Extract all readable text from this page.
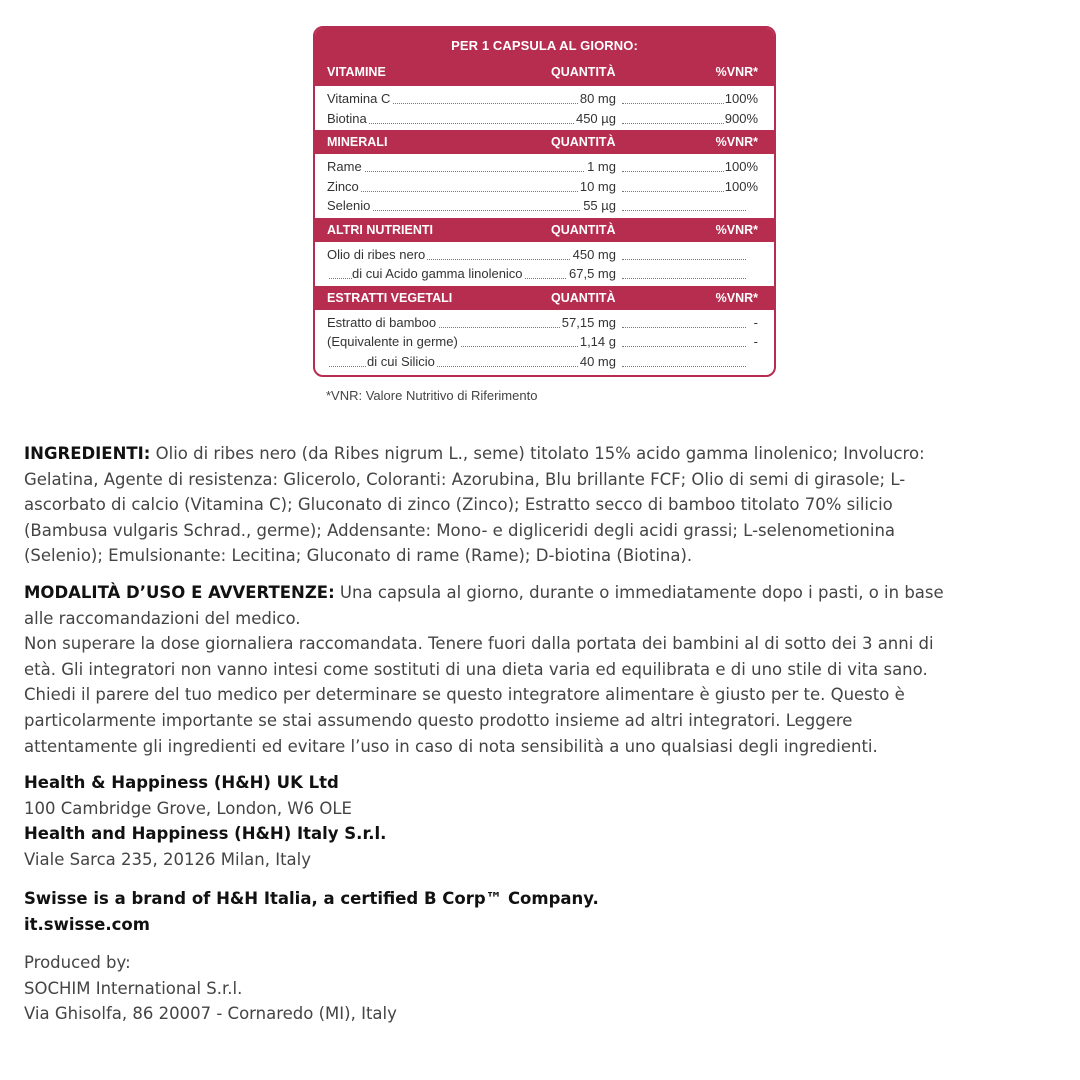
PER 1 CAPSULA AL GIORNO:
VITAMINE	QUANTITÀ	%VNR*
Vitamina C	80 mg	100%
Biotina	450 µg	900%
MINERALI	QUANTITÀ	%VNR*
Rame	1 mg	100%
Zinco	10 mg	100%
Selenio	55 µg
ALTRI NUTRIENTI	QUANTITÀ	%VNR*
Olio di ribes nero	450 mg
di cui Acido gamma linolenico	67,5 mg
ESTRATTI VEGETALI	QUANTITÀ	%VNR*
Estratto di bamboo	57,15 mg	-
(Equivalente in germe)	1,14 g	-
di cui Silicio	40 mg
*VNR: Valore Nutritivo di Riferimento
INGREDIENTI: Olio di ribes nero (da Ribes nigrum L., seme) titolato 15% acido gamma linolenico; Involucro:
Gelatina, Agente di resistenza: Glicerolo, Coloranti: Azorubina, Blu brillante FCF; Olio di semi di girasole; L-
ascorbato di calcio (Vitamina C); Gluconato di zinco (Zinco); Estratto secco di bamboo titolato 70% silicio
(Bambusa vulgaris Schrad., germe); Addensante: Mono- e digliceridi degli acidi grassi; L-selenometionina
(Selenio); Emulsionante: Lecitina; Gluconato di rame (Rame); D-biotina (Biotina).
MODALITÀ D’USO E AVVERTENZE: Una capsula al giorno, durante o immediatamente dopo i pasti, o in base
alle raccomandazioni del medico.
Non superare la dose giornaliera raccomandata. Tenere fuori dalla portata dei bambini al di sotto dei 3 anni di
età. Gli integratori non vanno intesi come sostituti di una dieta varia ed equilibrata e di uno stile di vita sano.
Chiedi il parere del tuo medico per determinare se questo integratore alimentare è giusto per te. Questo è
particolarmente importante se stai assumendo questo prodotto insieme ad altri integratori. Leggere
attentamente gli ingredienti ed evitare l’uso in caso di nota sensibilità a uno qualsiasi degli ingredienti.
Health & Happiness (H&H) UK Ltd
100 Cambridge Grove, London, W6 OLE
Health and Happiness (H&H) Italy S.r.l.
Viale Sarca 235, 20126 Milan, Italy
Swisse is a brand of H&H Italia, a certified B Corp™ Company.
it.swisse.com
Produced by:
SOCHIM International S.r.l.
Via Ghisolfa, 86 20007 - Cornaredo (MI), Italy
